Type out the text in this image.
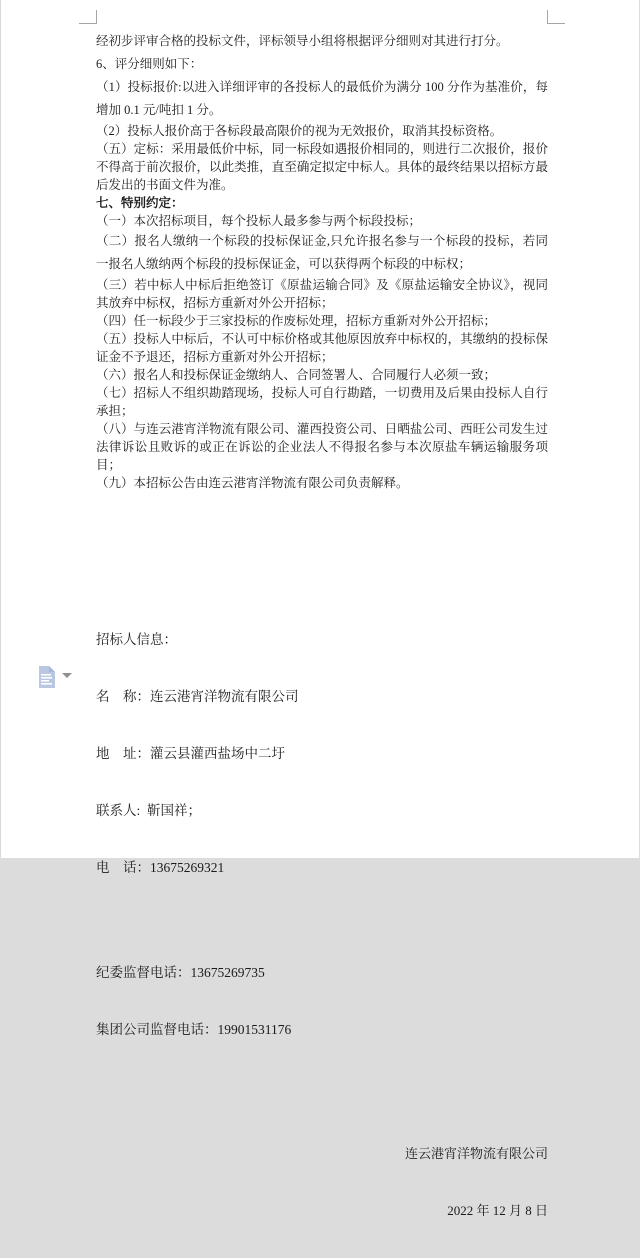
经初步评审合格的投标文件，评标领导小组将根据评分细则对其进行打分。

6、评分细则如下：

（1）投标报价:以进入详细评审的各投标人的最低价为满分 100 分作为基准价，每增加 0.1 元/吨扣 1 分。

（2）投标人报价高于各标段最高限价的视为无效报价，取消其投标资格。

（五）定标：采用最低价中标，同一标段如遇报价相同的，则进行二次报价，报价不得高于前次报价，以此类推，直至确定拟定中标人。具体的最终结果以招标方最后发出的书面文件为准。

七、特别约定：

（一）本次招标项目，每个投标人最多参与两个标段投标；

（二）报名人缴纳一个标段的投标保证金,只允许报名参与一个标段的投标，若同一报名人缴纳两个标段的投标保证金，可以获得两个标段的中标权；

（三）若中标人中标后拒绝签订《原盐运输合同》及《原盐运输安全协议》，视同其放弃中标权，招标方重新对外公开招标；

（四）任一标段少于三家投标的作废标处理，招标方重新对外公开招标；

（五）投标人中标后，不认可中标价格或其他原因放弃中标权的，其缴纳的投标保证金不予退还，招标方重新对外公开招标；

（六）报名人和投标保证金缴纳人、合同签署人、合同履行人必须一致；

（七）招标人不组织勘踏现场，投标人可自行勘踏，一切费用及后果由投标人自行承担；

（八）与连云港宵洋物流有限公司、灌西投资公司、日晒盐公司、西旺公司发生过法律诉讼且败诉的或正在诉讼的企业法人不得报名参与本次原盐车辆运输服务项目；

（九）本招标公告由连云港宵洋物流有限公司负责解释。

招标人信息：

名　称：连云港宵洋物流有限公司

地　址：灌云县灌西盐场中二圩

联系人:  靳国祥；

电　话：13675269321

纪委监督电话：13675269735

集团公司监督电话：19901531176

连云港宵洋物流有限公司

2022 年 12 月 8 日
